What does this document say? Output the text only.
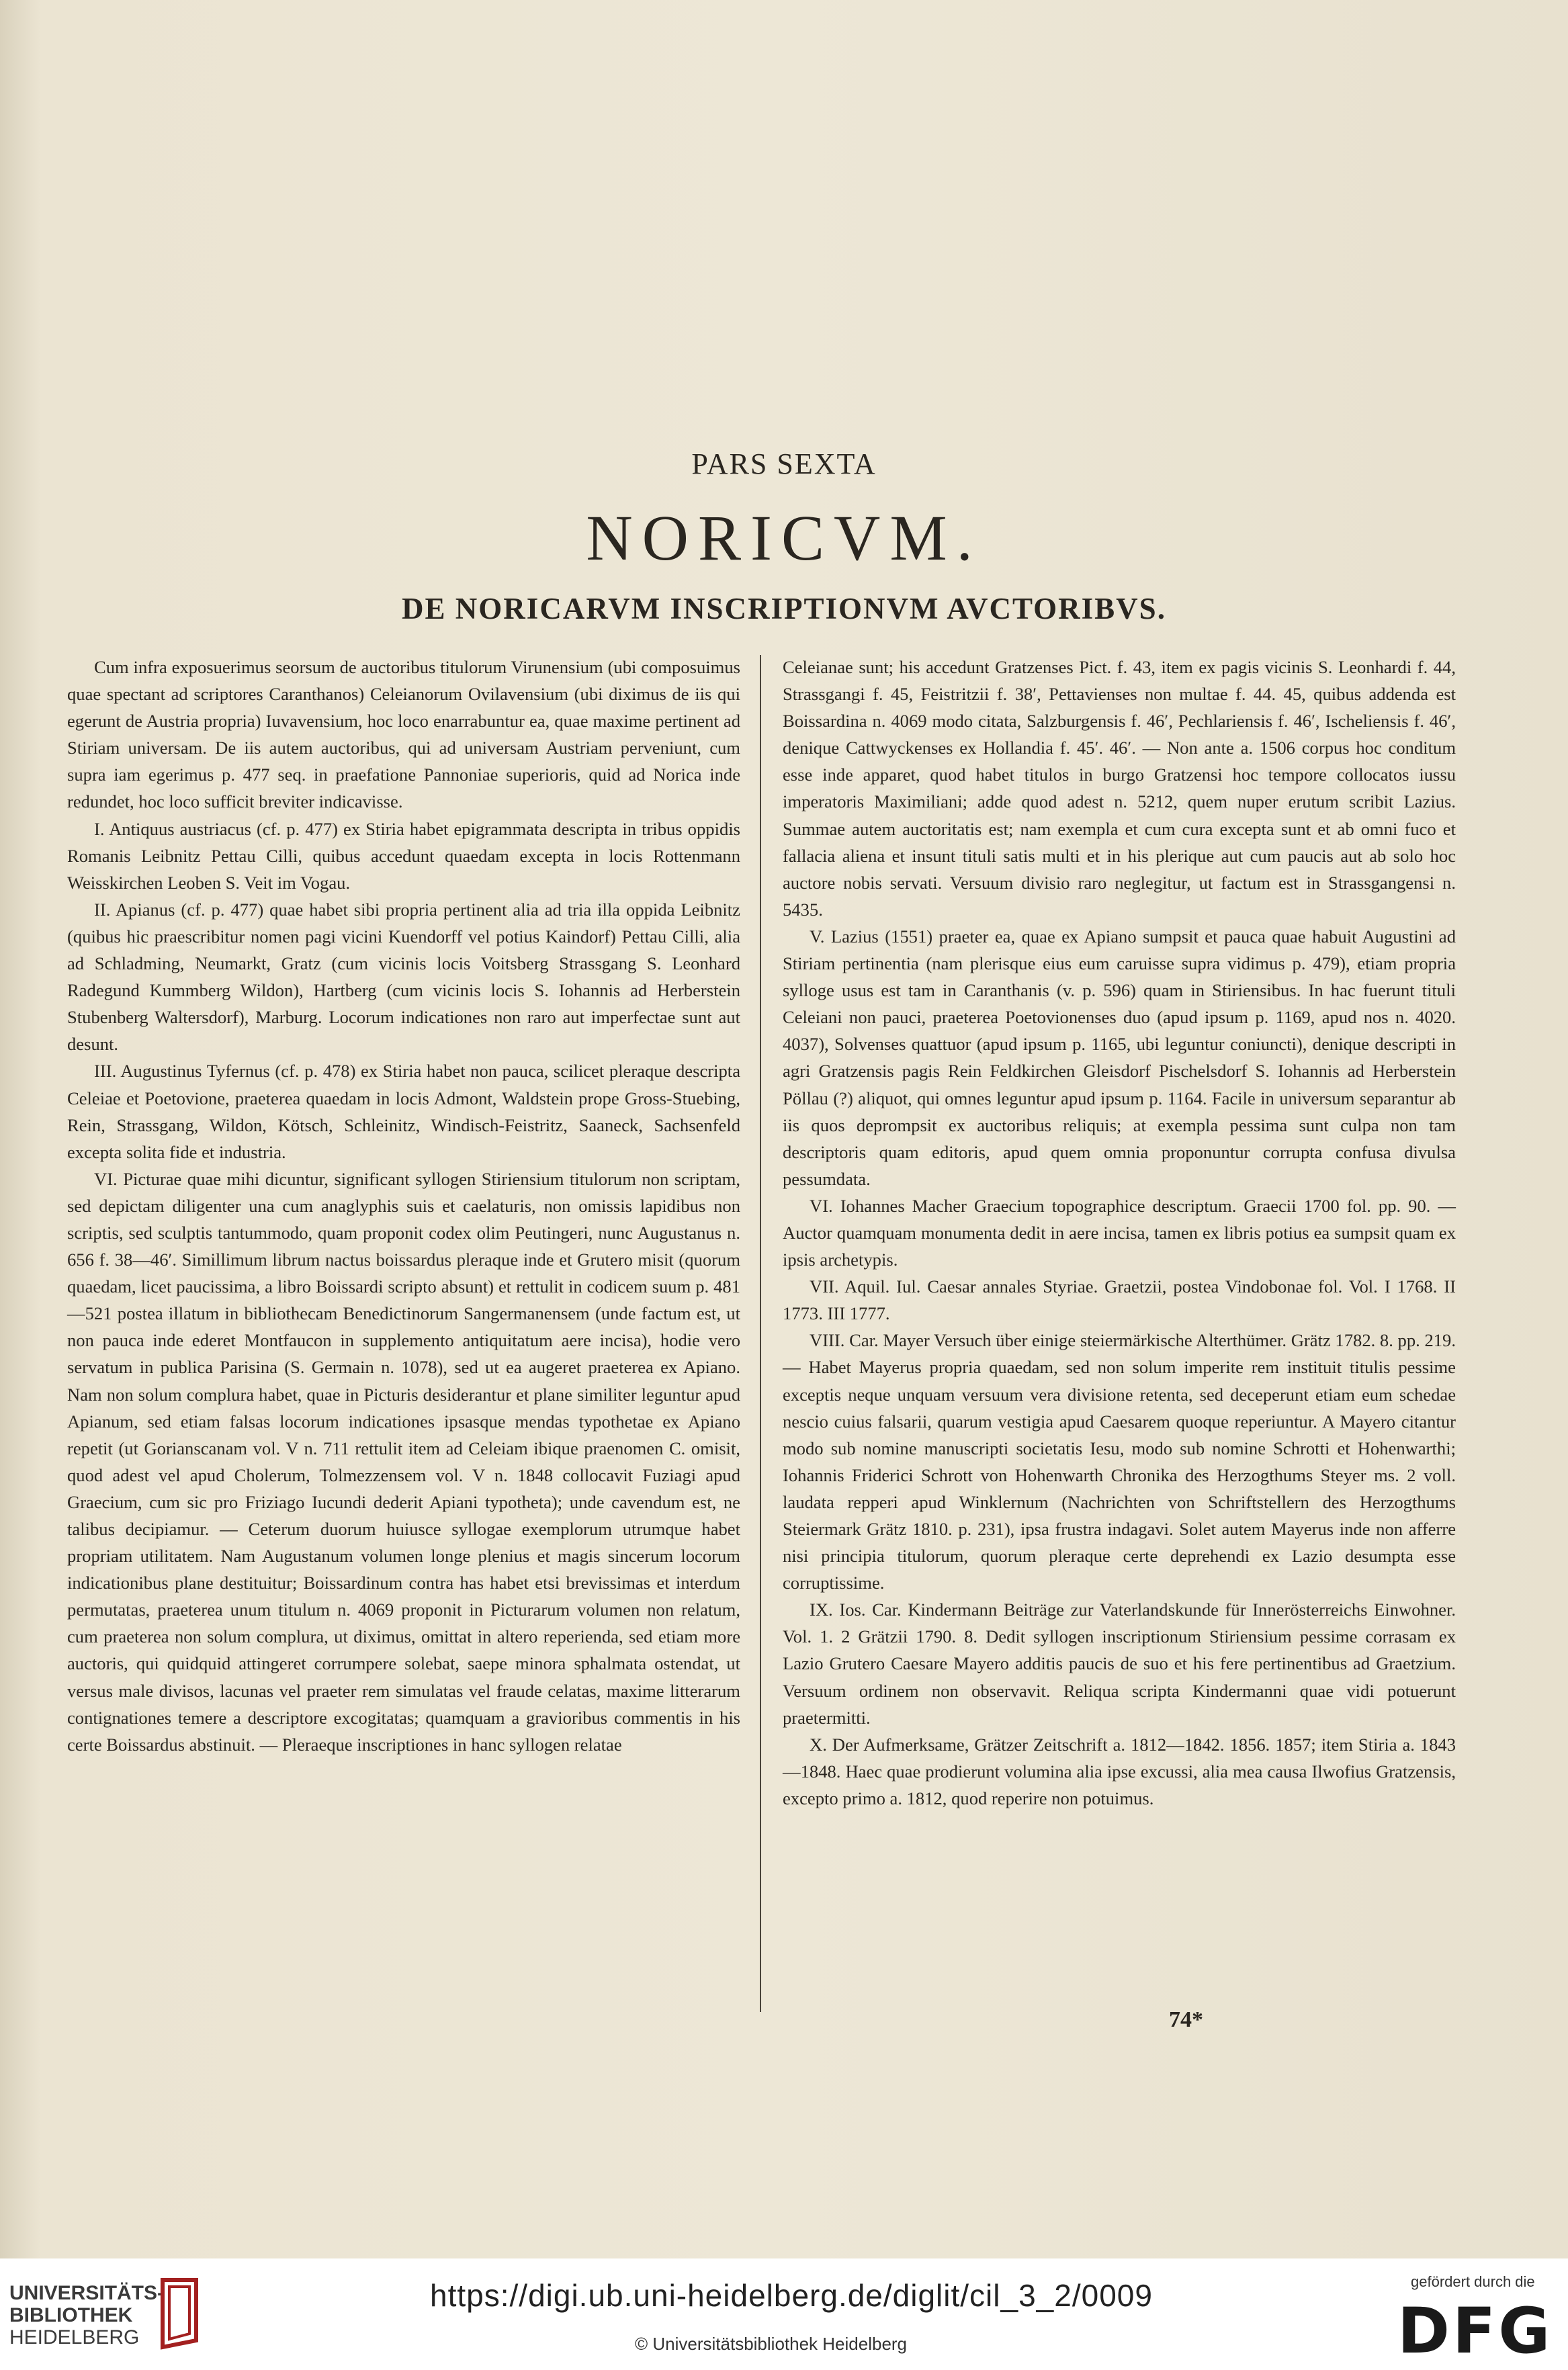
PARS SEXTA
NORICVM.
DE NORICARVM INSCRIPTIONVM AVCTORIBVS.

Cum infra exposuerimus seorsum de auctoribus titulorum Virunensium (ubi composuimus quae spectant ad scriptores Caranthanos) Celeianorum Ovilavensium (ubi diximus de iis qui egerunt de Austria propria) Iuvavensium, hoc loco enarrabuntur ea, quae maxime pertinent ad Stiriam universam. De iis autem auctoribus, qui ad universam Austriam perveniunt, cum supra iam egerimus p. 477 seq. in praefatione Pannoniae superioris, quid ad Norica inde redundet, hoc loco sufficit breviter indicavisse.

I. Antiquus austriacus (cf. p. 477) ex Stiria habet epigrammata descripta in tribus oppidis Romanis Leibnitz Pettau Cilli, quibus accedunt quaedam excepta in locis Rottenmann Weisskirchen Leoben S. Veit im Vogau.

II. Apianus (cf. p. 477) quae habet sibi propria pertinent alia ad tria illa oppida Leibnitz (quibus hic praescribitur nomen pagi vicini Kuendorff vel potius Kaindorf) Pettau Cilli, alia ad Schladming, Neumarkt, Gratz (cum vicinis locis Voitsberg Strassgang S. Leonhard Radegund Kummberg Wildon), Hartberg (cum vicinis locis S. Iohannis ad Herberstein Stubenberg Waltersdorf), Marburg. Locorum indicationes non raro aut imperfectae sunt aut desunt.

III. Augustinus Tyfernus (cf. p. 478) ex Stiria habet non pauca, scilicet pleraque descripta Celeiae et Poetovione, praeterea quaedam in locis Admont, Waldstein prope Gross-Stuebing, Rein, Strassgang, Wildon, Kötsch, Schleinitz, Windisch-Feistritz, Saaneck, Sachsenfeld excepta solita fide et industria.

VI. Picturae quae mihi dicuntur, significant syllogen Stiriensium titulorum non scriptam, sed depictam diligenter una cum anaglyphis suis et caelaturis, non omissis lapidibus non scriptis, sed sculptis tantummodo, quam proponit codex olim Peutingeri, nunc Augustanus n. 656 f. 38—46′. Simillimum librum nactus boissardus pleraque inde et Grutero misit (quorum quaedam, licet paucissima, a libro Boissardi scripto absunt) et rettulit in codicem suum p. 481—521 postea illatum in bibliothecam Benedictinorum Sangermanensem (unde factum est, ut non pauca inde ederet Montfaucon in supplemento antiquitatum aere incisa), hodie vero servatum in publica Parisina (S. Germain n. 1078), sed ut ea augeret praeterea ex Apiano. Nam non solum complura habet, quae in Picturis desiderantur et plane similiter leguntur apud Apianum, sed etiam falsas locorum indicationes ipsasque mendas typothetae ex Apiano repetit (ut Gorianscanam vol. V n. 711 rettulit item ad Celeiam ibique praenomen C. omisit, quod adest vel apud Cholerum, Tolmezzensem vol. V n. 1848 collocavit Fuziagi apud Graecium, cum sic pro Friziago Iucundi dederit Apiani typotheta); unde cavendum est, ne talibus decipiamur. — Ceterum duorum huiusce syllogae exemplorum utrumque habet propriam utilitatem. Nam Augustanum volumen longe plenius et magis sincerum locorum indicationibus plane destituitur; Boissardinum contra has habet etsi brevissimas et interdum permutatas, praeterea unum titulum n. 4069 proponit in Picturarum volumen non relatum, cum praeterea non solum complura, ut diximus, omittat in altero reperienda, sed etiam more auctoris, qui quidquid attingeret corrumpere solebat, saepe minora sphalmata ostendat, ut versus male divisos, lacunas vel praeter rem simulatas vel fraude celatas, maxime litterarum contignationes temere a descriptore excogitatas; quamquam a gravioribus commentis in his certe Boissardus abstinuit. — Pleraeque inscriptiones in hanc syllogen relatae

Celeianae sunt; his accedunt Gratzenses Pict. f. 43, item ex pagis vicinis S. Leonhardi f. 44, Strassgangi f. 45, Feistritzii f. 38′, Pettavienses non multae f. 44. 45, quibus addenda est Boissardina n. 4069 modo citata, Salzburgensis f. 46′, Pechlariensis f. 46′, Ischeliensis f. 46′, denique Cattwyckenses ex Hollandia f. 45′. 46′. — Non ante a. 1506 corpus hoc conditum esse inde apparet, quod habet titulos in burgo Gratzensi hoc tempore collocatos iussu imperatoris Maximiliani; adde quod adest n. 5212, quem nuper erutum scribit Lazius. Summae autem auctoritatis est; nam exempla et cum cura excepta sunt et ab omni fuco et fallacia aliena et insunt tituli satis multi et in his plerique aut cum paucis aut ab solo hoc auctore nobis servati. Versuum divisio raro neglegitur, ut factum est in Strassgangensi n. 5435.

V. Lazius (1551) praeter ea, quae ex Apiano sumpsit et pauca quae habuit Augustini ad Stiriam pertinentia (nam plerisque eius eum caruisse supra vidimus p. 479), etiam propria sylloge usus est tam in Caranthanis (v. p. 596) quam in Stiriensibus. In hac fuerunt tituli Celeiani non pauci, praeterea Poetovionenses duo (apud ipsum p. 1169, apud nos n. 4020. 4037), Solvenses quattuor (apud ipsum p. 1165, ubi leguntur coniuncti), denique descripti in agri Gratzensis pagis Rein Feldkirchen Gleisdorf Pischelsdorf S. Iohannis ad Herberstein Pöllau (?) aliquot, qui omnes leguntur apud ipsum p. 1164. Facile in universum separantur ab iis quos deprompsit ex auctoribus reliquis; at exempla pessima sunt culpa non tam descriptoris quam editoris, apud quem omnia proponuntur corrupta confusa divulsa pessumdata.

VI. Iohannes Macher Graecium topographice descriptum. Graecii 1700 fol. pp. 90. — Auctor quamquam monumenta dedit in aere incisa, tamen ex libris potius ea sumpsit quam ex ipsis archetypis.

VII. Aquil. Iul. Caesar annales Styriae. Graetzii, postea Vindobonae fol. Vol. I 1768. II 1773. III 1777.

VIII. Car. Mayer Versuch über einige steiermärkische Alterthümer. Grätz 1782. 8. pp. 219. — Habet Mayerus propria quaedam, sed non solum imperite rem instituit titulis pessime exceptis neque unquam versuum vera divisione retenta, sed deceperunt etiam eum schedae nescio cuius falsarii, quarum vestigia apud Caesarem quoque reperiuntur. A Mayero citantur modo sub nomine manuscripti societatis Iesu, modo sub nomine Schrotti et Hohenwarthi; Iohannis Friderici Schrott von Hohenwarth Chronika des Herzogthums Steyer ms. 2 voll. laudata repperi apud Winklernum (Nachrichten von Schriftstellern des Herzogthums Steiermark Grätz 1810. p. 231), ipsa frustra indagavi. Solet autem Mayerus inde non afferre nisi principia titulorum, quorum pleraque certe deprehendi ex Lazio desumpta esse corruptissime.

IX. Ios. Car. Kindermann Beiträge zur Vaterlandskunde für Innerösterreichs Einwohner. Vol. 1. 2 Grätzii 1790. 8. Dedit syllogen inscriptionum Stiriensium pessime corrasam ex Lazio Grutero Caesare Mayero additis paucis de suo et his fere pertinentibus ad Graetzium. Versuum ordinem non observavit. Reliqua scripta Kindermanni quae vidi potuerunt praetermitti.

X. Der Aufmerksame, Grätzer Zeitschrift a. 1812—1842. 1856. 1857; item Stiria a. 1843—1848. Haec quae prodierunt volumina alia ipse excussi, alia mea causa Ilwofius Gratzensis, excepto primo a. 1812, quod reperire non potuimus.

74*
UNIVERSITÄTS-
BIBLIOTHEK
HEIDELBERG
https://digi.ub.uni-heidelberg.de/diglit/cil_3_2/0009
© Universitätsbibliothek Heidelberg
gefördert durch die
DFG
